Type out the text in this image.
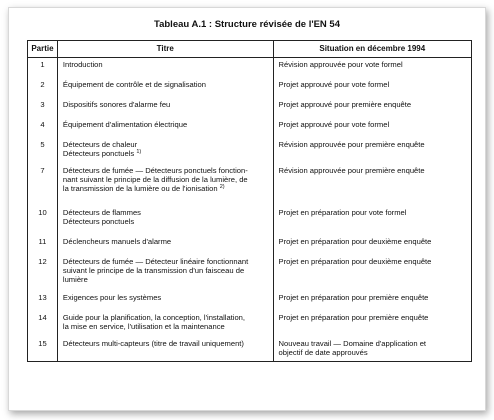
Tableau A.1 : Structure révisée de l'EN 54
Partie	Titre	Situation en décembre 1994
1	Introduction	Révision approuvée pour vote formel

2	Équipement de contrôle et de signalisation	Projet approuvé pour vote formel

3	Dispositifs sonores d'alarme feu	Projet approuvé pour première enquête

4	Équipement d'alimentation électrique	Projet approuvé pour vote formel

5	Détecteurs de chaleur
Détecteurs ponctuels $^{1)}$	Révision approuvée pour première enquête

7	Détecteurs de fumée — Détecteurs ponctuels fonction-
nant suivant le principe de la diffusion de la lumière, de
la transmission de la lumière ou de l'ionisation $^{2)}$	Révision approuvée pour première enquête

10	Détecteurs de flammes
Détecteurs ponctuels	Projet en préparation pour vote formel

11	Déclencheurs manuels d'alarme	Projet en préparation pour deuxième enquête

12	Détecteurs de fumée — Détecteur linéaire fonctionnant
suivant le principe de la transmission d'un faisceau de
lumière	Projet en préparation pour deuxième enquête

13	Exigences pour les systèmes	Projet en préparation pour première enquête

14	Guide pour la planification, la conception, l'installation,
la mise en service, l'utilisation et la maintenance	Projet en préparation pour première enquête

15	Détecteurs multi-capteurs (titre de travail uniquement)	Nouveau travail — Domaine d'application et
objectif de date approuvés
